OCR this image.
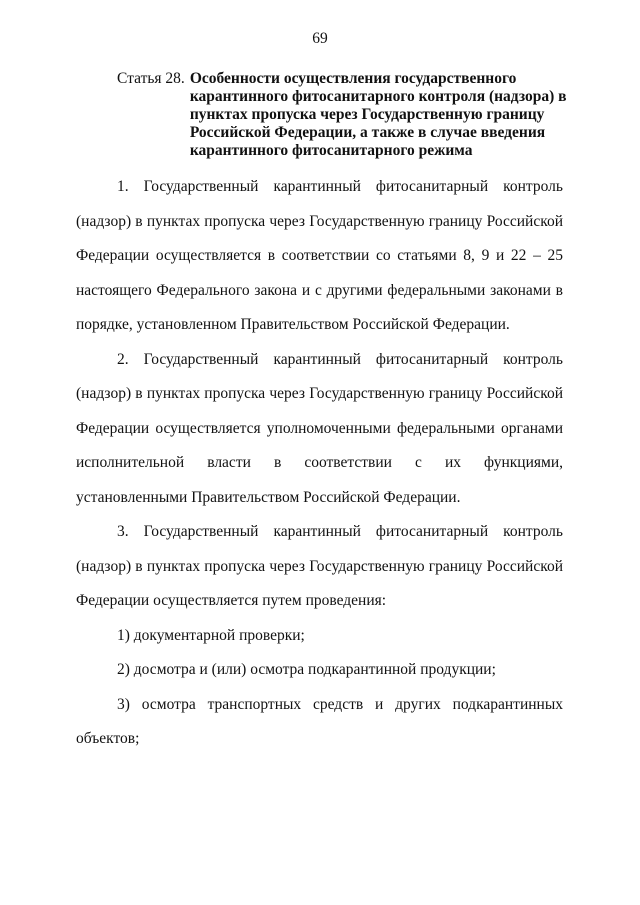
69
Статья 28. Особенности осуществления государственного карантинного фитосанитарного контроля (надзора) в пунктах пропуска через Государственную границу Российской Федерации, а также в случае введения карантинного фитосанитарного режима

1. Государственный карантинный фитосанитарный контроль (надзор) в пунктах пропуска через Государственную границу Российской Федерации осуществляется в соответствии со статьями 8, 9 и 22 – 25 настоящего Федерального закона и с другими федеральными законами в порядке, установленном Правительством Российской Федерации.

2. Государственный карантинный фитосанитарный контроль (надзор) в пунктах пропуска через Государственную границу Российской Федерации осуществляется уполномоченными федеральными органами исполнительной власти в соответствии с их функциями, установленными Правительством Российской Федерации.

3. Государственный карантинный фитосанитарный контроль (надзор) в пунктах пропуска через Государственную границу Российской Федерации осуществляется путем проведения:

1) документарной проверки;

2) досмотра и (или) осмотра подкарантинной продукции;

3) осмотра транспортных средств и других подкарантинных объектов;
